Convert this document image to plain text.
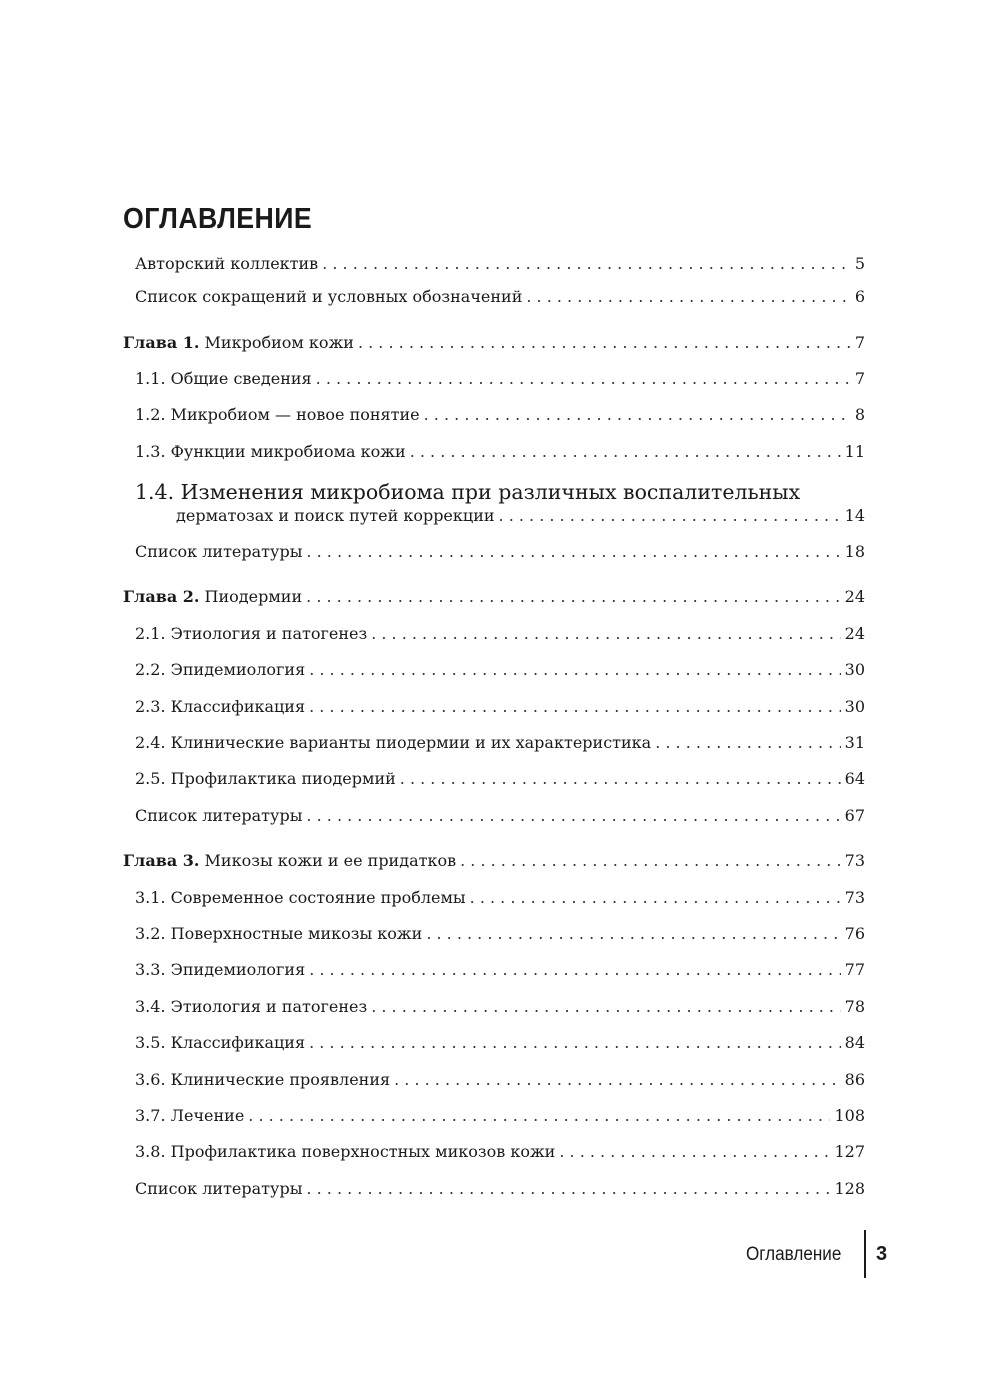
ОГЛАВЛЕНИЕ
Авторский коллектив . . .	5
Список сокращений и условных обозначений . . .	6
Глава 1. Микробиом кожи . . .	7
1.1. Общие сведения . . .	7
1.2. Микробиом — новое понятие . . .	8
1.3. Функции микробиома кожи . . .	11
1.4. Изменения микробиома при различных воспалительных
дерматозах и поиск путей коррекции . . .	14
Список литературы . . .	18
Глава 2. Пиодермии . . .	24
2.1. Этиология и патогенез . . .	24
2.2. Эпидемиология . . .	30
2.3. Классификация . . .	30
2.4. Клинические варианты пиодермии и их характеристика . . .	31
2.5. Профилактика пиодермий . . .	64
Список литературы . . .	67
Глава 3. Микозы кожи и ее придатков . . .	73
3.1. Современное состояние проблемы . . .	73
3.2. Поверхностные микозы кожи . . .	76
3.3. Эпидемиология . . .	77
3.4. Этиология и патогенез . . .	78
3.5. Классификация . . .	84
3.6. Клинические проявления . . .	86
3.7. Лечение . . .	108
3.8. Профилактика поверхностных микозов кожи . . .	127
Список литературы . . .	128
Оглавление 3
